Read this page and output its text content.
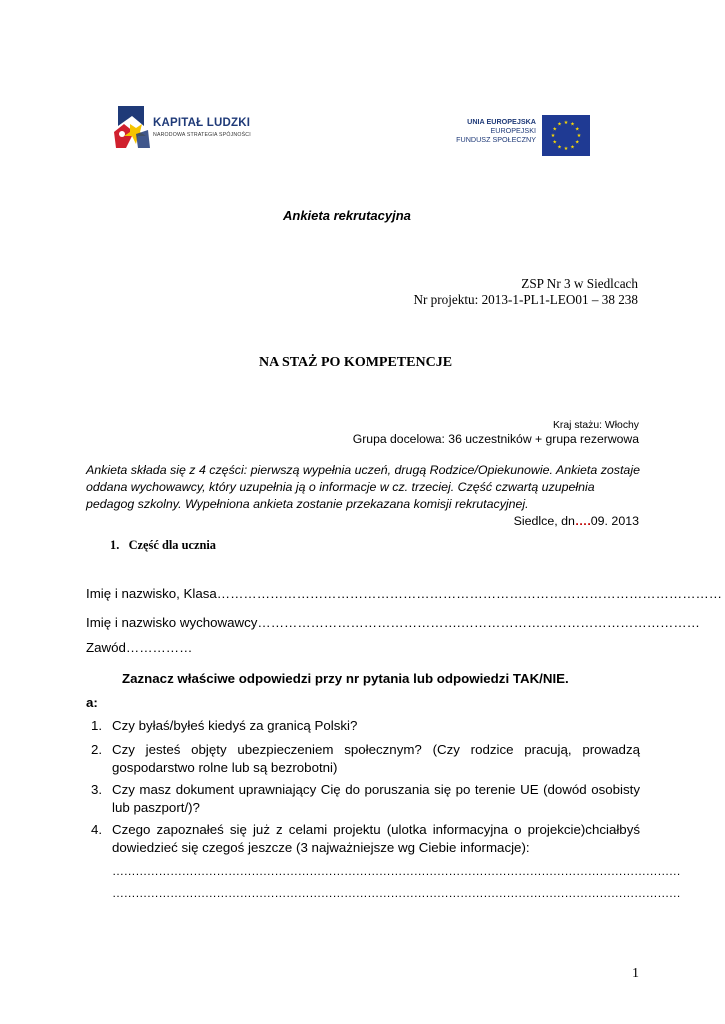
KAPITAŁ LUDZKI
NARODOWA STRATEGIA SPÓJNOŚCI
UNIA EUROPEJSKA
EUROPEJSKI
FUNDUSZ SPOŁECZNY	★
★
★
★
★
★
★
★
★ ★ ★
★
Ankieta rekrutacyjna
ZSP Nr 3 w Siedlcach
Nr projektu: 2013-1-PL1-LEO01 – 38 238
NA STAŻ PO KOMPETENCJE
Kraj stażu: Włochy
Grupa docelowa: 36 uczestników + grupa rezerwowa
Ankieta składa się z 4 części: pierwszą wypełnia uczeń, drugą Rodzice/Opiekunowie. Ankieta zostaje oddana wychowawcy, który uzupełnia ją o informacje w cz. trzeciej. Część czwartą uzupełnia pedagog szkolny. Wypełniona ankieta zostanie przekazana komisji rekrutacyjnej.
Siedlce, dn….09. 2013
1.   Część dla ucznia
Imię i nazwisko, Klasa……………………………………………………………………………………………………
Imię i nazwisko wychowawcy……………………………………….………………………………………………
Zawód……………
Zaznacz właściwe odpowiedzi przy nr pytania lub odpowiedzi TAK/NIE.
a:
1. Czy byłaś/byłeś kiedyś za granicą Polski?
2. Czy jesteś objęty ubezpieczeniem społecznym? (Czy rodzice pracują, prowadzą gospodarstwo rolne lub są bezrobotni)
3. Czy masz dokument uprawniający Cię do poruszania się po terenie UE (dowód osobisty lub paszport/)?
4. Czego zapoznałeś się już z celami projektu (ulotka informacyjna o projekcie)chciałbyś dowiedzieć się czegoś jeszcze (3 najważniejsze wg Ciebie informacje):
…………………………………………………………………………………………………………………………………
…………………………………………………………………………………………………………………………………
1
